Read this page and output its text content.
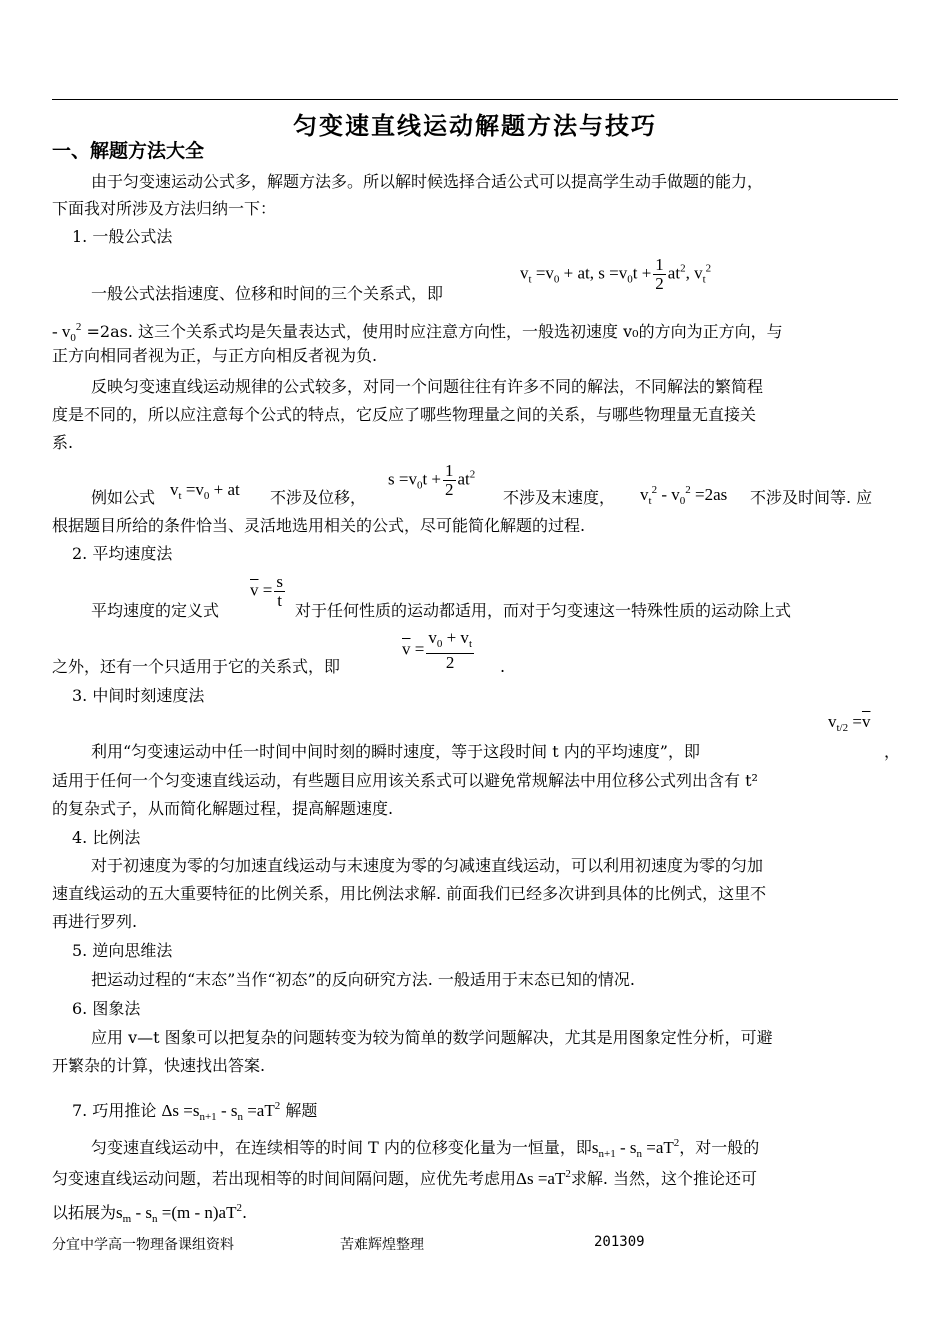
匀变速直线运动解题方法与技巧
一、解题方法大全
由于匀变速运动公式多，解题方法多。所以解时候选择合适公式可以提高学生动手做题的能力，
下面我对所涉及方法归纳一下：
1. 一般公式法
一般公式法指速度、位移和时间的三个关系式，即
$v_t =v_0$ + at, $s =v_0t + \frac{1}{2} at^2$, $v_t^2$
- $v_0^2 =2as$. 这三个关系式均是矢量表达式，使用时应注意方向性，一般选初速度 v₀的方向为正方向，与
正方向相同者视为正，与正方向相反者视为负.
反映匀变速直线运动规律的公式较多，对同一个问题往往有许多不同的解法，不同解法的繁简程
度是不同的，所以应注意每个公式的特点，它反应了哪些物理量之间的关系，与哪些物理量无直接关
系.
例如公式 $v_t =v_0$ + at 不涉及位移，
$s =v_0t + \frac{1}{2} at^2$
不涉及末速度， $v_t^2 - v_0^2 =2as$ 不涉及时间等. 应
根据题目所给的条件恰当、灵活地选用相关的公式，尽可能简化解题的过程.
2. 平均速度法
平均速度的定义式
$\overline{v} = \frac{s}{t}$
对于任何性质的运动都适用，而对于匀变速这一特殊性质的运动除上式
之外，还有一个只适用于它的关系式，即
$\overline{v} = \frac{v_0 + v_t}{2}$ .
3. 中间时刻速度法
$v_{t/2} =\overline{v}$
利用“匀变速运动中任一时间中间时刻的瞬时速度，等于这段时间 t 内的平均速度”，即	，
适用于任何一个匀变速直线运动，有些题目应用该关系式可以避免常规解法中用位移公式列出含有 t²
的复杂式子，从而简化解题过程，提高解题速度.
4. 比例法
对于初速度为零的匀加速直线运动与末速度为零的匀减速直线运动，可以利用初速度为零的匀加
速直线运动的五大重要特征的比例关系，用比例法求解. 前面我们已经多次讲到具体的比例式，这里不
再进行罗列.
5. 逆向思维法
把运动过程的“末态”当作“初态”的反向研究方法. 一般适用于末态已知的情况.
6. 图象法
应用 v—t 图象可以把复杂的问题转变为较为简单的数学问题解决，尤其是用图象定性分析，可避
开繁杂的计算，快速找出答案.
7. 巧用推论 $\Delta s =s_{n+1} - s_n =aT^2$ 解题
匀变速直线运动中，在连续相等的时间 T 内的位移变化量为一恒量，即$s_{n+1} - s_n =aT^2$，对一般的
匀变速直线运动问题，若出现相等的时间间隔问题，应优先考虑用$\Delta s =aT^2$求解. 当然，这个推论还可
以拓展为$s_m - s_n =(m - n)aT^2$.
分宜中学高一物理备课组资料	苦难辉煌整理	201309
